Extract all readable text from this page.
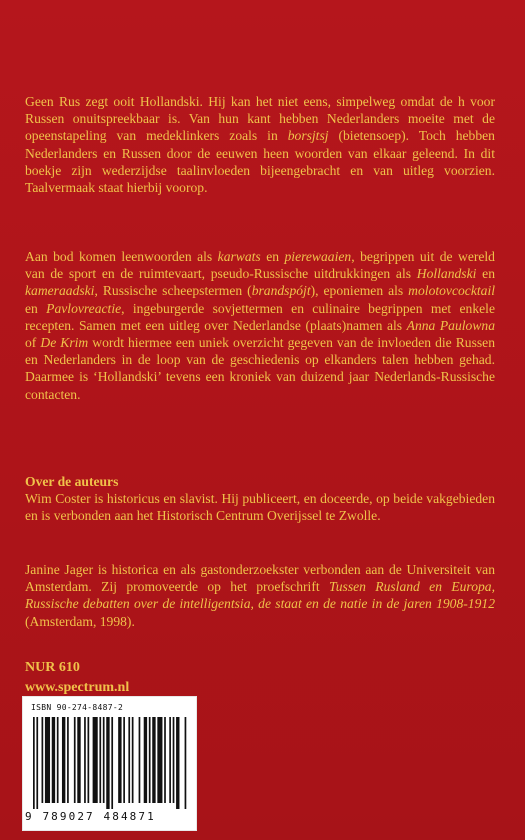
Geen Rus zegt ooit Hollandski. Hij kan het niet eens, simpelweg omdat de h voor Russen onuitspreekbaar is. Van hun kant hebben Nederlanders moeite met de opeenstapeling van medeklinkers zoals in borsjtsj (bietensoep). Toch hebben Nederlanders en Russen door de eeuwen heen woorden van elkaar geleend. In dit boekje zijn wederzijdse taalinvloeden bijeengebracht en van uitleg voorzien. Taalvermaak staat hierbij voorop.
Aan bod komen leenwoorden als karwats en pierewaaien, begrippen uit de wereld van de sport en de ruimtevaart, pseudo-Russische uitdrukkingen als Hollandski en kameraadski, Russische scheepstermen (brandspójt), eponiemen als molotovcocktail en Pavlovreactie, ingeburgerde sovjettermen en culinaire begrippen met enkele recepten. Samen met een uitleg over Nederlandse (plaats)namen als Anna Paulowna of De Krim wordt hiermee een uniek overzicht gegeven van de invloeden die Russen en Nederlanders in de loop van de geschiedenis op elkanders talen hebben gehad. Daarmee is ‘Hollandski’ tevens een kroniek van duizend jaar Nederlands-Russische contacten.
Over de auteurs
Wim Coster is historicus en slavist. Hij publiceert, en doceerde, op beide vakgebieden en is verbonden aan het Historisch Centrum Overijssel te Zwolle.
Janine Jager is historica en als gastonderzoekster verbonden aan de Universiteit van Amsterdam. Zij promoveerde op het proefschrift Tussen Rusland en Europa, Russische debatten over de intelligentsia, de staat en de natie in de jaren 1908-1912 (Amsterdam, 1998).
NUR 610
www.spectrum.nl
ISBN 90-274-8487-2
9 789027 484871
